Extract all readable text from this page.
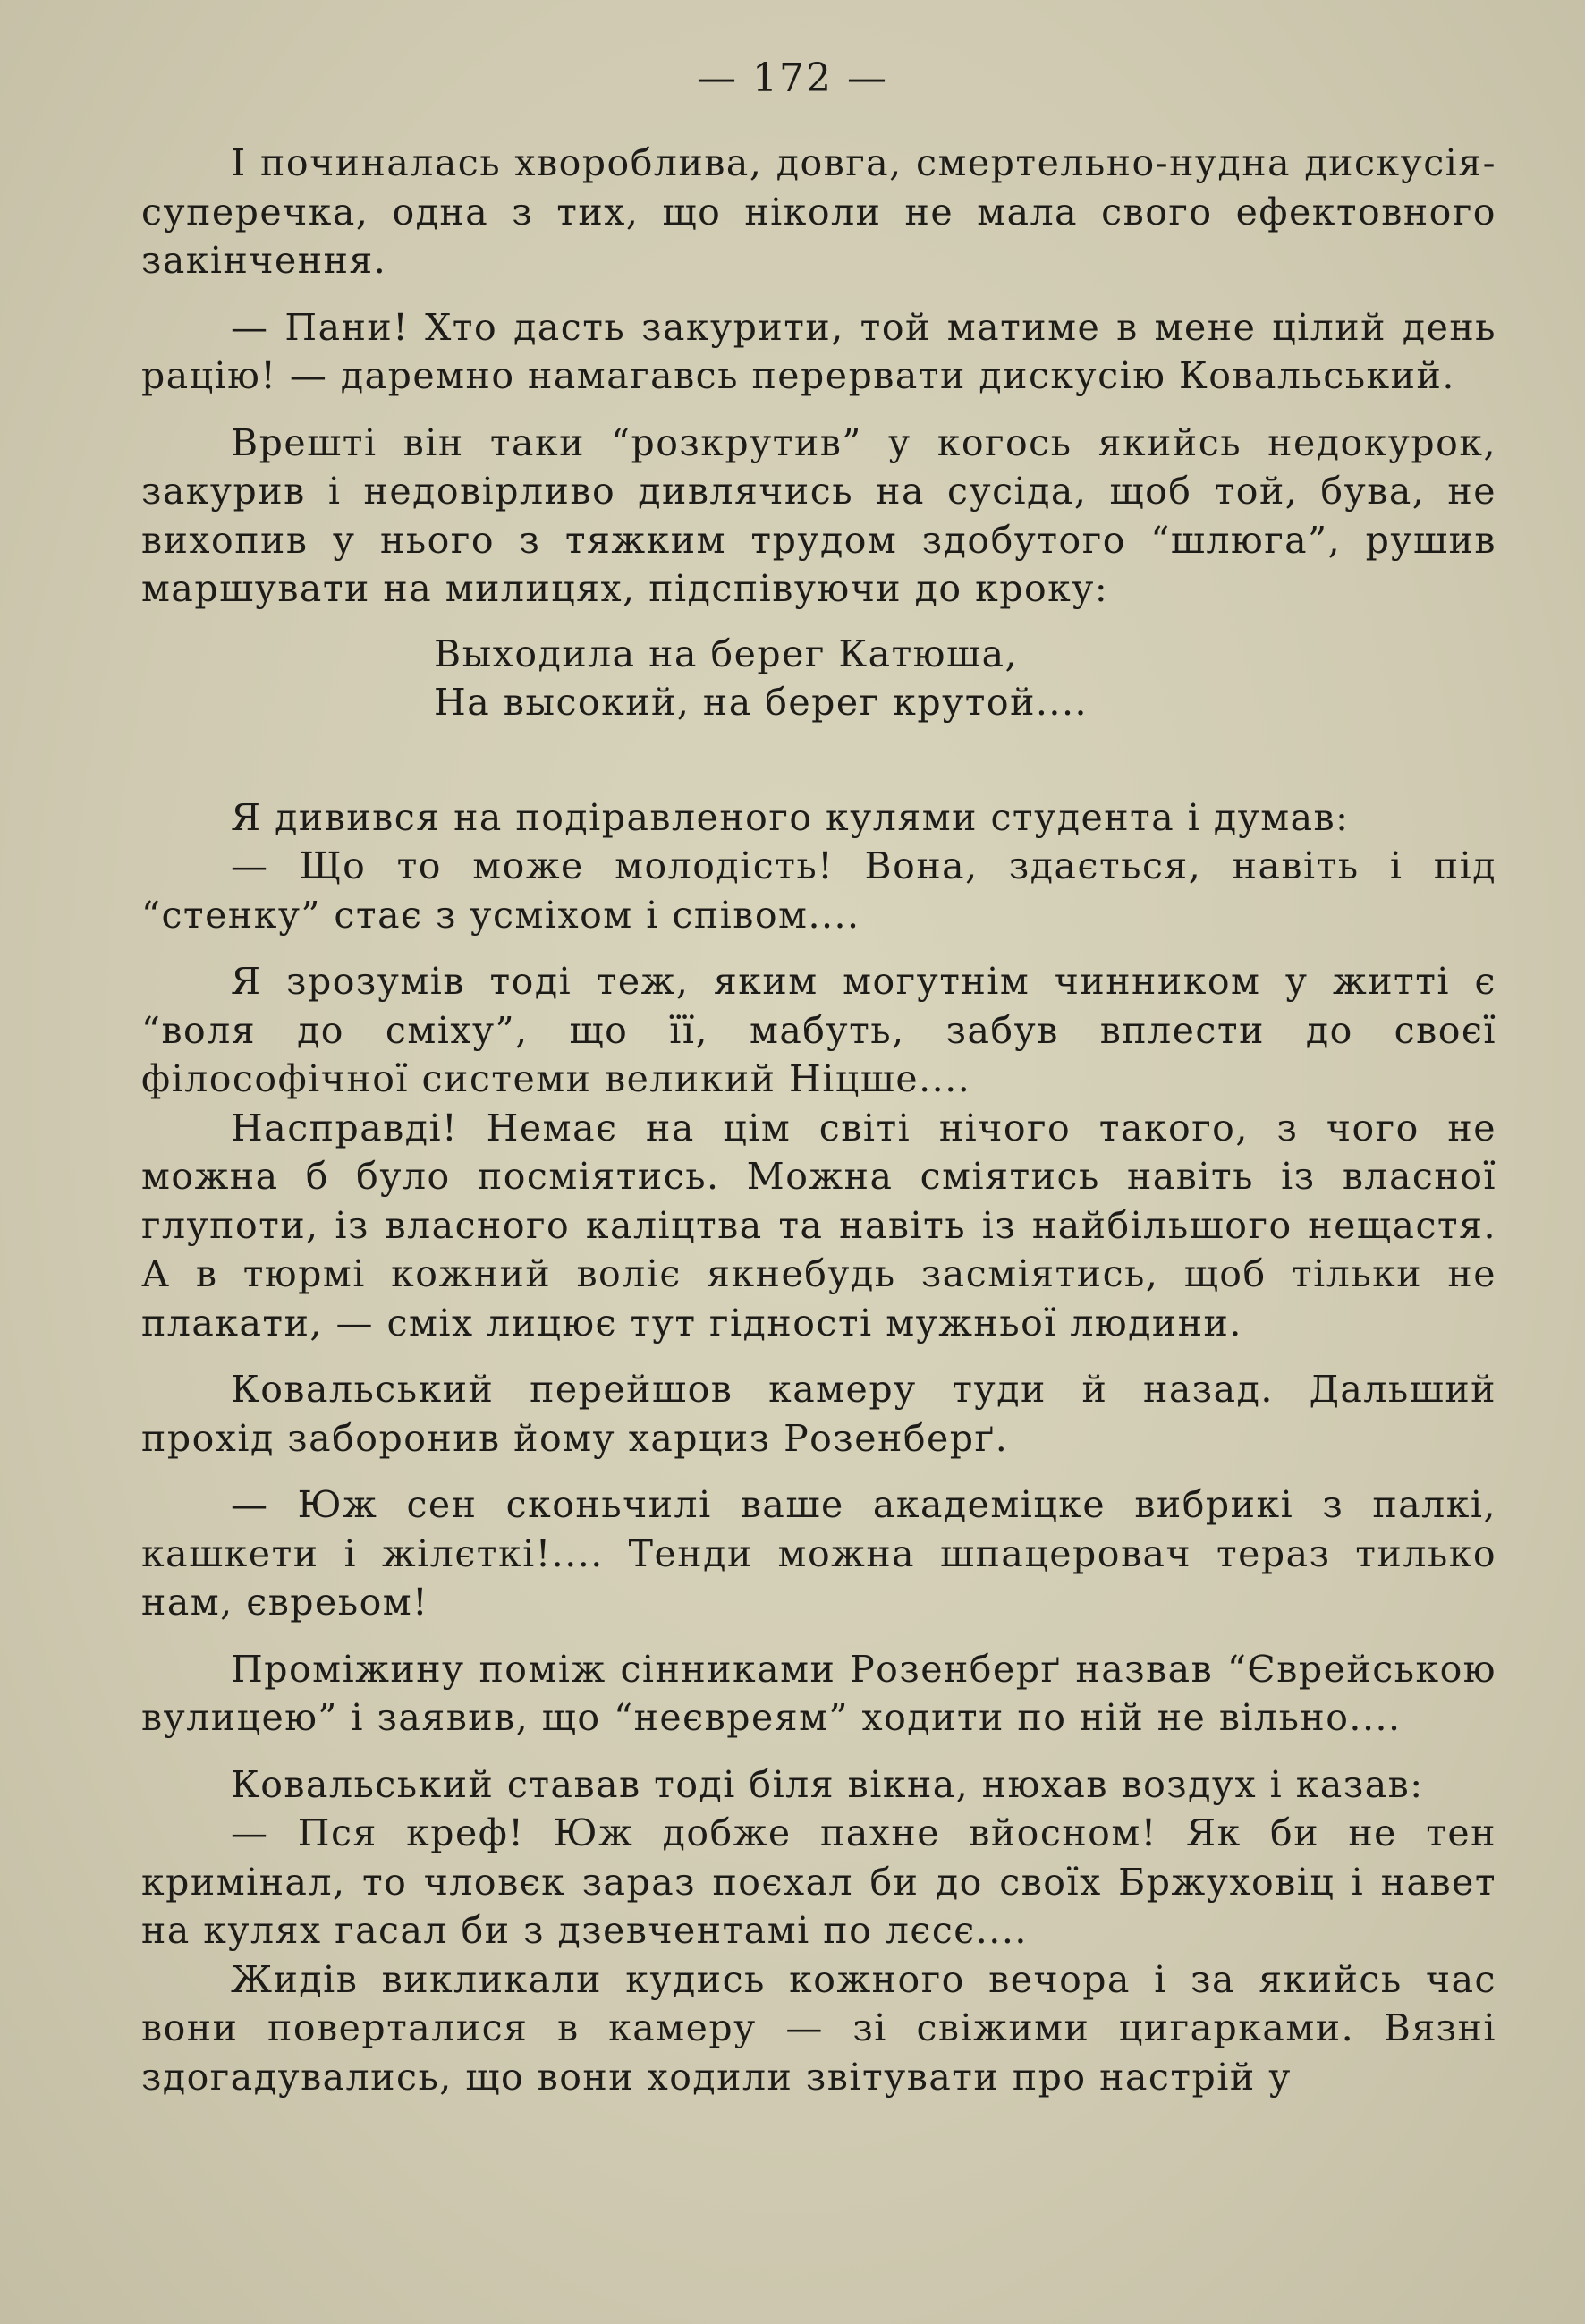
— 172 —

І починалась хвороблива, довга, смертельно-нудна дискусія-суперечка, одна з тих, що ніколи не мала свого ефектовного закінчення.

— Пани! Хто дасть закурити, той матиме в мене цілий день рацію! — даремно намагавсь перервати дискусію Ковальський.

Врешті він таки “розкрутив” у когось якийсь недокурок, закурив і недовірливо дивлячись на сусіда, щоб той, бува, не вихопив у нього з тяжким трудом здобутого “шлюга”, рушив маршувати на милицях, підспівуючи до кроку:

Выходила на берег Катюша,
На высокий, на берег крутой....

Я дивився на подіравленого кулями студента і думав:

— Що то може молодість! Вона, здається, навіть і під “стенку” стає з усміхом і співом....

Я зрозумів тоді теж, яким могутнім чинником у житті є “воля до сміху”, що її, мабуть, забув вплести до своєї філософічної системи великий Ніцше....

Насправді! Немає на цім світі нічого такого, з чого не можна б було посміятись. Можна сміятись навіть із власної глупоти, із власного каліцтва та навіть із найбільшого нещастя. А в тюрмі кожний воліє якнебудь засміятись, щоб тільки не плакати, — сміх лицює тут гідності мужньої людини.

Ковальський перейшов камеру туди й назад. Дальший прохід заборонив йому харциз Розенберґ.

— Юж сен сконьчилі ваше академіцке вибрикі з палкі, кашкети і жілєткі!.... Тенди можна шпацеровач тераз тилько нам, євреьом!

Проміжину поміж сінниками Розенберґ назвав “Єврейською вулицею” і заявив, що “неєвреям” ходити по ній не вільно....

Ковальський ставав тоді біля вікна, нюхав воздух і казав:

— Пся креф! Юж добже пахне вйосном! Як би не тен кримінал, то чловєк зараз поєхал би до своїх Бржуховіц і навет на кулях гасал би з дзевчентамі по лєсє....

Жидів викликали кудись кожного вечора і за якийсь час вони поверталися в камеру — зі свіжими цигарками. Вязні здогадувались, що вони ходили звітувати про настрій у
